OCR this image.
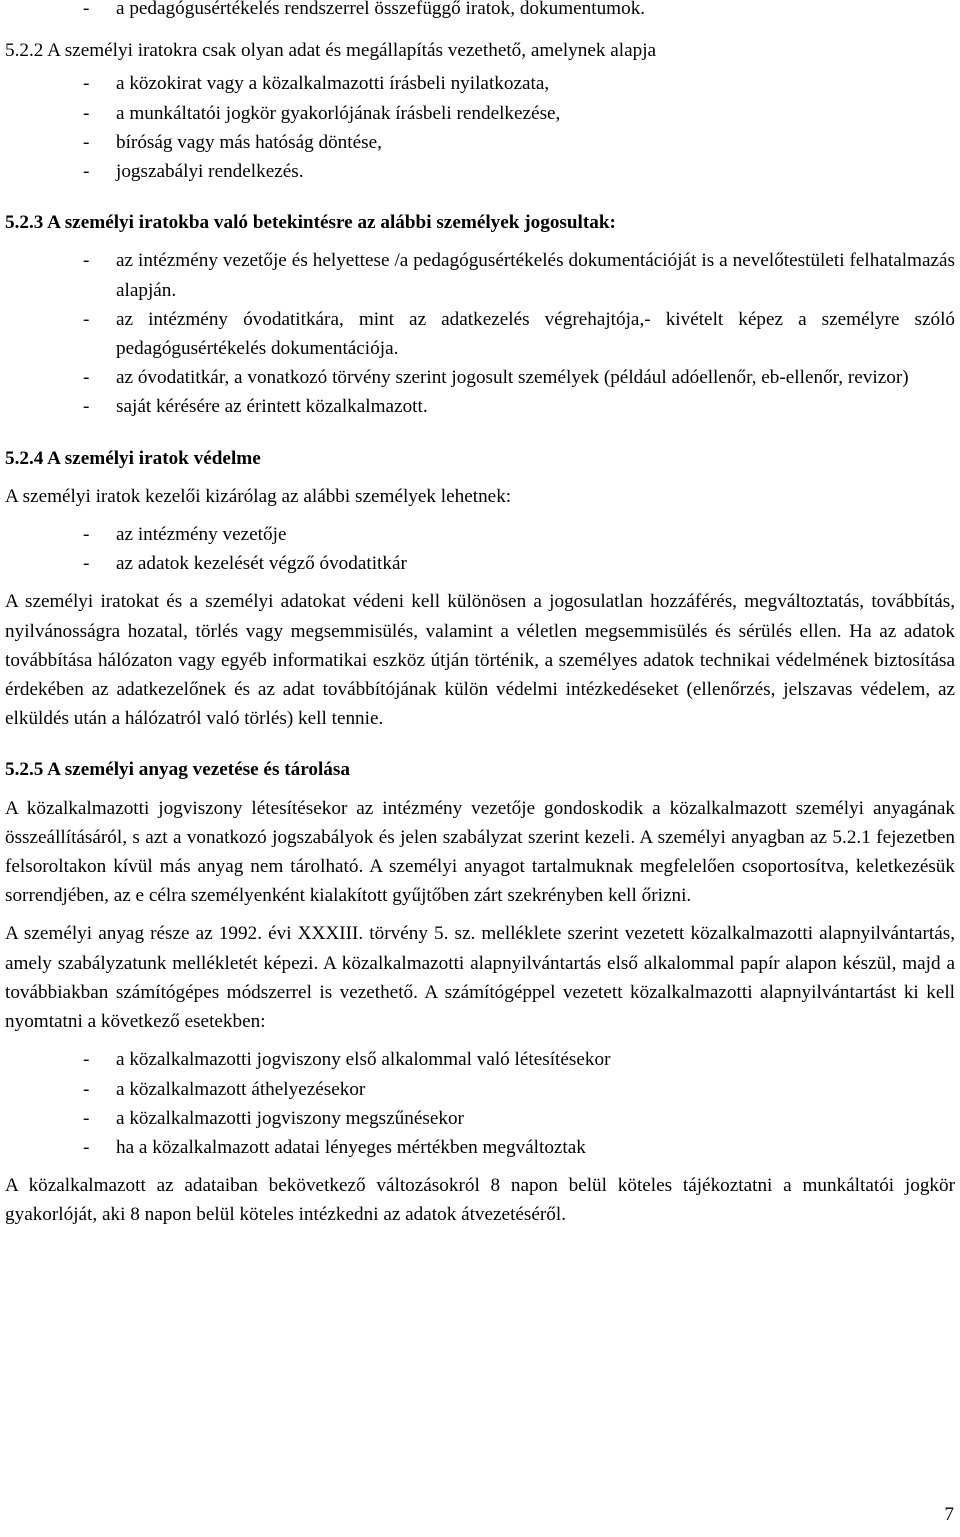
- a pedagógusértékelés rendszerrel összefüggő iratok, dokumentumok.

5.2.2 A személyi iratokra csak olyan adat és megállapítás vezethető, amelynek alapja

- a közokirat vagy a közalkalmazotti írásbeli nyilatkozata,
- a munkáltatói jogkör gyakorlójának írásbeli rendelkezése,
- bíróság vagy más hatóság döntése,
- jogszabályi rendelkezés.

5.2.3 A személyi iratokba való betekintésre az alábbi személyek jogosultak:

- az intézmény vezetője és helyettese /a pedagógusértékelés dokumentációját is a nevelőtestületi felhatalmazás alapján.
- az intézmény óvodatitkára, mint az adatkezelés végrehajtója,- kivételt képez a személyre szóló pedagógusértékelés dokumentációja.
- az óvodatitkár, a vonatkozó törvény szerint jogosult személyek (például adóellenőr, eb-ellenőr, revizor)
- saját kérésére az érintett közalkalmazott.

5.2.4 A személyi iratok védelme

A személyi iratok kezelői kizárólag az alábbi személyek lehetnek:

- az intézmény vezetője
- az adatok kezelését végző óvodatitkár

A személyi iratokat és a személyi adatokat védeni kell különösen a jogosulatlan hozzáférés, megváltoztatás, továbbítás, nyilvánosságra hozatal, törlés vagy megsemmisülés, valamint a véletlen megsemmisülés és sérülés ellen. Ha az adatok továbbítása hálózaton vagy egyéb informatikai eszköz útján történik, a személyes adatok technikai védelmének biztosítása érdekében az adatkezelőnek és az adat továbbítójának külön védelmi intézkedéseket (ellenőrzés, jelszavas védelem, az elküldés után a hálózatról való törlés) kell tennie.

5.2.5 A személyi anyag vezetése és tárolása

A közalkalmazotti jogviszony létesítésekor az intézmény vezetője gondoskodik a közalkalmazott személyi anyagának összeállításáról, s azt a vonatkozó jogszabályok és jelen szabályzat szerint kezeli. A személyi anyagban az 5.2.1 fejezetben felsoroltakon kívül más anyag nem tárolható. A személyi anyagot tartalmuknak megfelelően csoportosítva, keletkezésük sorrendjében, az e célra személyenként kialakított gyűjtőben zárt szekrényben kell őrizni.

A személyi anyag része az 1992. évi XXXIII. törvény 5. sz. melléklete szerint vezetett közalkalmazotti alapnyilvántartás, amely szabályzatunk mellékletét képezi. A közalkalmazotti alapnyilvántartás első alkalommal papír alapon készül, majd a továbbiakban számítógépes módszerrel is vezethető. A számítógéppel vezetett közalkalmazotti alapnyilvántartást ki kell nyomtatni a következő esetekben:

- a közalkalmazotti jogviszony első alkalommal való létesítésekor
- a közalkalmazott áthelyezésekor
- a közalkalmazotti jogviszony megszűnésekor
- ha a közalkalmazott adatai lényeges mértékben megváltoztak

A közalkalmazott az adataiban bekövetkező változásokról 8 napon belül köteles tájékoztatni a munkáltatói jogkör gyakorlóját, aki 8 napon belül köteles intézkedni az adatok átvezetéséről.

7
